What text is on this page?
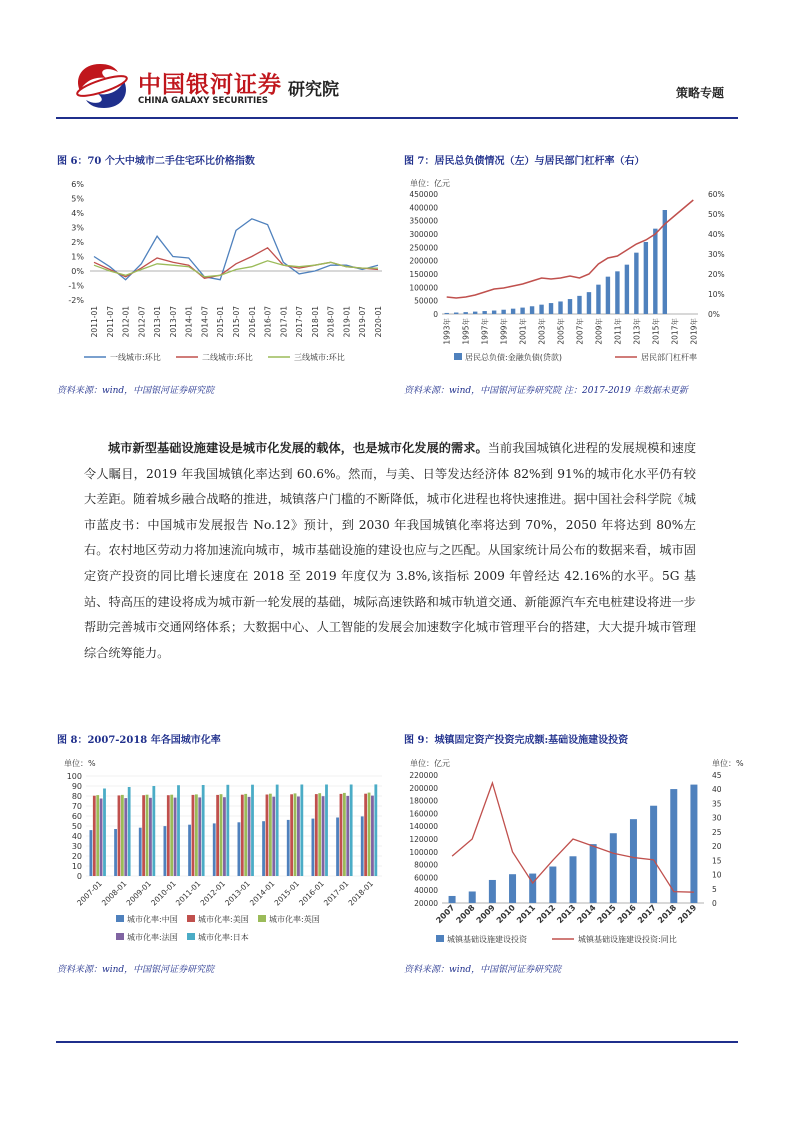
中国银河证券
CHINA GALAXY SECURITIES
研究院	策略专题
图 6：70 个大中城市二手住宅环比价格指数
6%
5%
4%
3%
2%
1%
0%
-1%
-2%
2011-01 2011-07 2012-01 2012-07 2013-01 2013-07 2014-01 2014-07 2015-01 2015-07 2016-01 2016-07 2017-01 2017-07 2018-01 2018-07 2019-01 2019-07 2020-01
一线城市:环比	二线城市:环比	三线城市:环比
资料来源：wind，中国银河证券研究院
图 7：居民总负债情况（左）与居民部门杠杆率（右）
单位：亿元
450000
400000
350000
300000
250000
200000
150000
100000
50000
0
60%
50%
40%
30%
20%
10%
0%
1993年 1995年 1997年 1999年 2001年 2003年 2005年 2007年 2009年 2011年 2013年 2015年 2017年 2019年
居民总负债:金融负债(贷款)	居民部门杠杆率
资料来源：wind，中国银河证券研究院 注：2017-2019 年数据未更新
城市新型基础设施建设是城市化发展的载体，也是城市化发展的需求。当前我国城镇化进程的发展规模和速度令人瞩目，2019 年我国城镇化率达到 60.6%。然而，与美、日等发达经济体 82%到 91%的城市化水平仍有较大差距。随着城乡融合战略的推进，城镇落户门槛的不断降低，城市化进程也将快速推进。据中国社会科学院《城市蓝皮书：中国城市发展报告 No.12》预计，到 2030 年我国城镇化率将达到 70%，2050 年将达到 80%左右。农村地区劳动力将加速流向城市，城市基础设施的建设也应与之匹配。从国家统计局公布的数据来看，城市固定资产投资的同比增长速度在 2018 至 2019 年度仅为 3.8%,该指标 2009 年曾经达 42.16%的水平。5G 基站、特高压的建设将成为城市新一轮发展的基础，城际高速铁路和城市轨道交通、新能源汽车充电桩建设将进一步帮助完善城市交通网络体系；大数据中心、人工智能的发展会加速数字化城市管理平台的搭建，大大提升城市管理综合统筹能力。
图 8：2007-2018 年各国城市化率
单位：%
100
90
80
70
60
50
40
30
20
10
0
2007-01
2008-01
2009-01
2010-01
2011-01
2012-01
2013-01
2014-01
2015-01
2016-01
2017-01
2018-01
城市化率:中国	城市化率:美国	城市化率:英国
城市化率:法国	城市化率:日本
资料来源：wind，中国银河证券研究院
图 9：城镇固定资产投资完成额:基础设施建设投资
单位：亿元	单位：%
220000
200000
180000
160000
140000
120000
100000
80000
60000
40000
20000
45
40
35
30
25
20
15
10
5
0
2007
2008
2009
2010
2011
2012
2013
2014
2015
2016
2017
2018
2019
城镇基础设施建设投资	城镇基础设施建设投资:同比
资料来源：wind，中国银河证券研究院
